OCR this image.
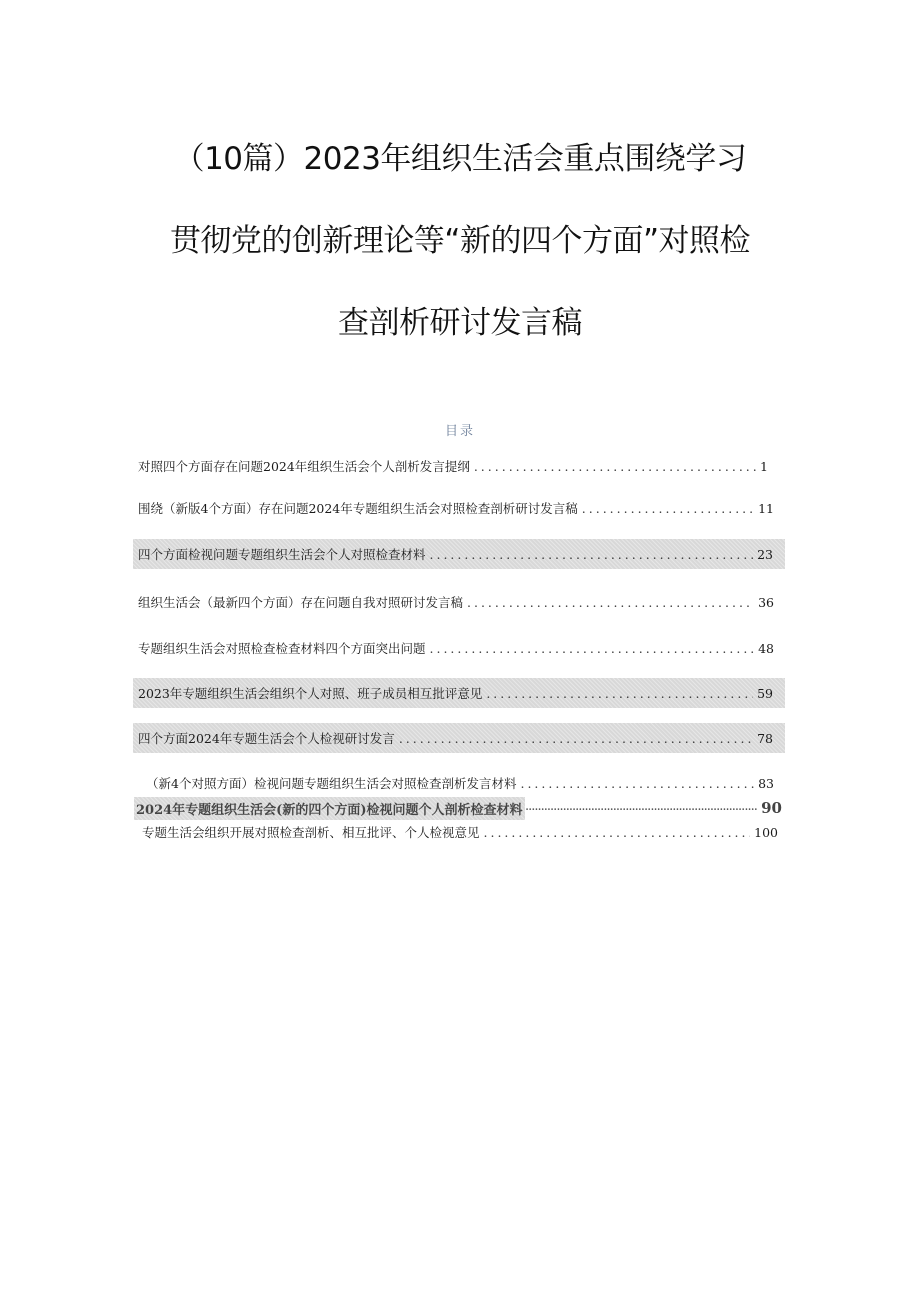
（10篇）2023年组织生活会重点围绕学习
贯彻党的创新理论等“新的四个方面”对照检
查剖析研讨发言稿
目录
对照四个方面存在问题2024年组织生活会个人剖析发言提纲 .....	1
围绕（新版4个方面）存在问题2024年专题组织生活会对照检查剖析研讨发言稿 .....	11
四个方面检视问题专题组织生活会个人对照检查材料 .....	23
组织生活会（最新四个方面）存在问题自我对照研讨发言稿 .....	36
专题组织生活会对照检查检查材料四个方面突出问题 .....	48
2023年专题组织生活会组织个人对照、班子成员相互批评意见 .....	59
四个方面2024年专题生活会个人检视研讨发言 .....	78
（新4个对照方面）检视问题专题组织生活会对照检查剖析发言材料 .....	83
2024年专题组织生活会(新的四个方面)检视问题个人剖析检查材料 .....	90
专题生活会组织开展对照检查剖析、相互批评、个人检视意见 .....	100
